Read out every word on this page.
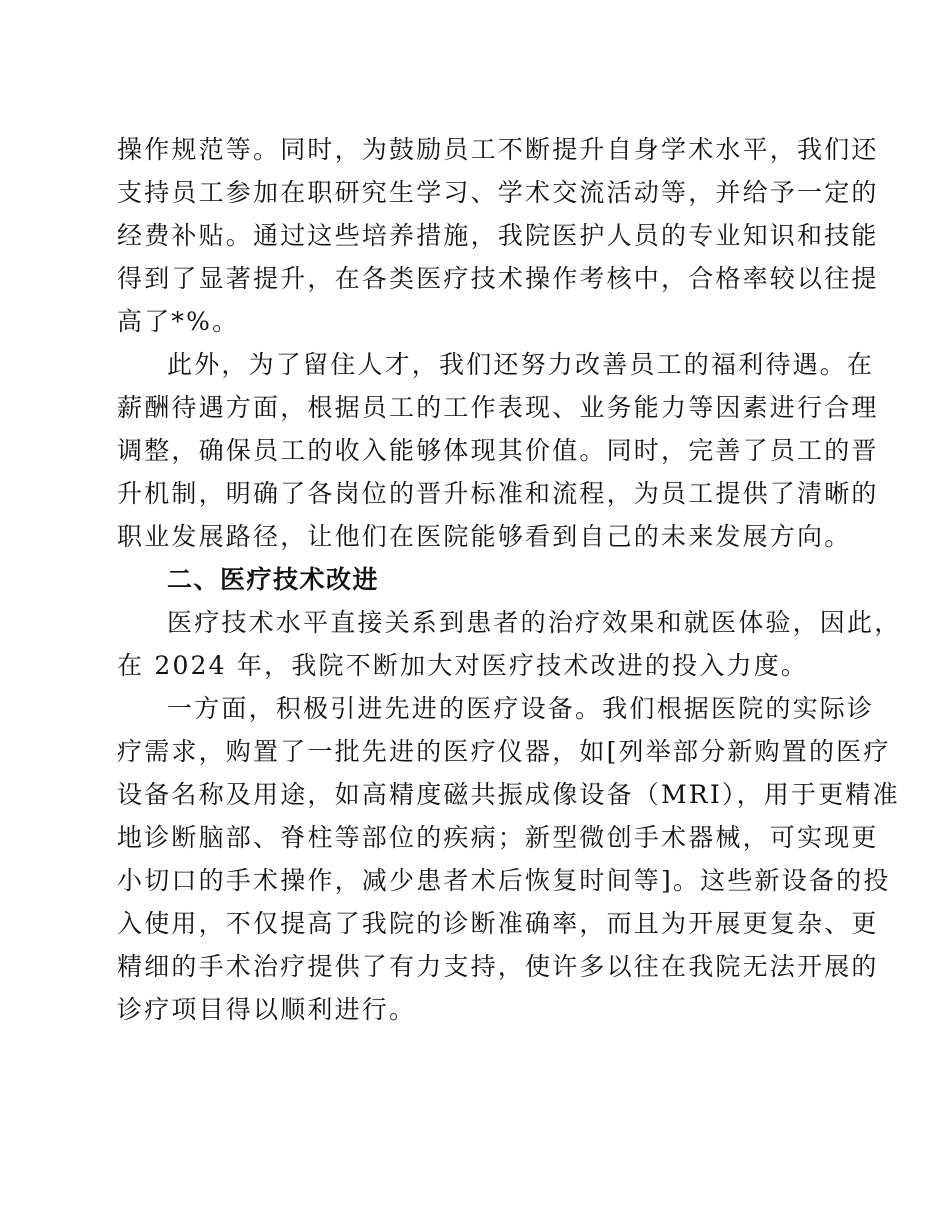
操作规范等。同时，为鼓励员工不断提升自身学术水平，我们还
支持员工参加在职研究生学习、学术交流活动等，并给予一定的
经费补贴。通过这些培养措施，我院医护人员的专业知识和技能
得到了显著提升，在各类医疗技术操作考核中，合格率较以往提
高了*%。
此外，为了留住人才，我们还努力改善员工的福利待遇。在
薪酬待遇方面，根据员工的工作表现、业务能力等因素进行合理
调整，确保员工的收入能够体现其价值。同时，完善了员工的晋
升机制，明确了各岗位的晋升标准和流程，为员工提供了清晰的
职业发展路径，让他们在医院能够看到自己的未来发展方向。
二、医疗技术改进
医疗技术水平直接关系到患者的治疗效果和就医体验，因此，
在 2024 年，我院不断加大对医疗技术改进的投入力度。
一方面，积极引进先进的医疗设备。我们根据医院的实际诊
疗需求，购置了一批先进的医疗仪器，如[列举部分新购置的医疗
设备名称及用途，如高精度磁共振成像设备（MRI），用于更精准
地诊断脑部、脊柱等部位的疾病；新型微创手术器械，可实现更
小切口的手术操作，减少患者术后恢复时间等]。这些新设备的投
入使用，不仅提高了我院的诊断准确率，而且为开展更复杂、更
精细的手术治疗提供了有力支持，使许多以往在我院无法开展的
诊疗项目得以顺利进行。
